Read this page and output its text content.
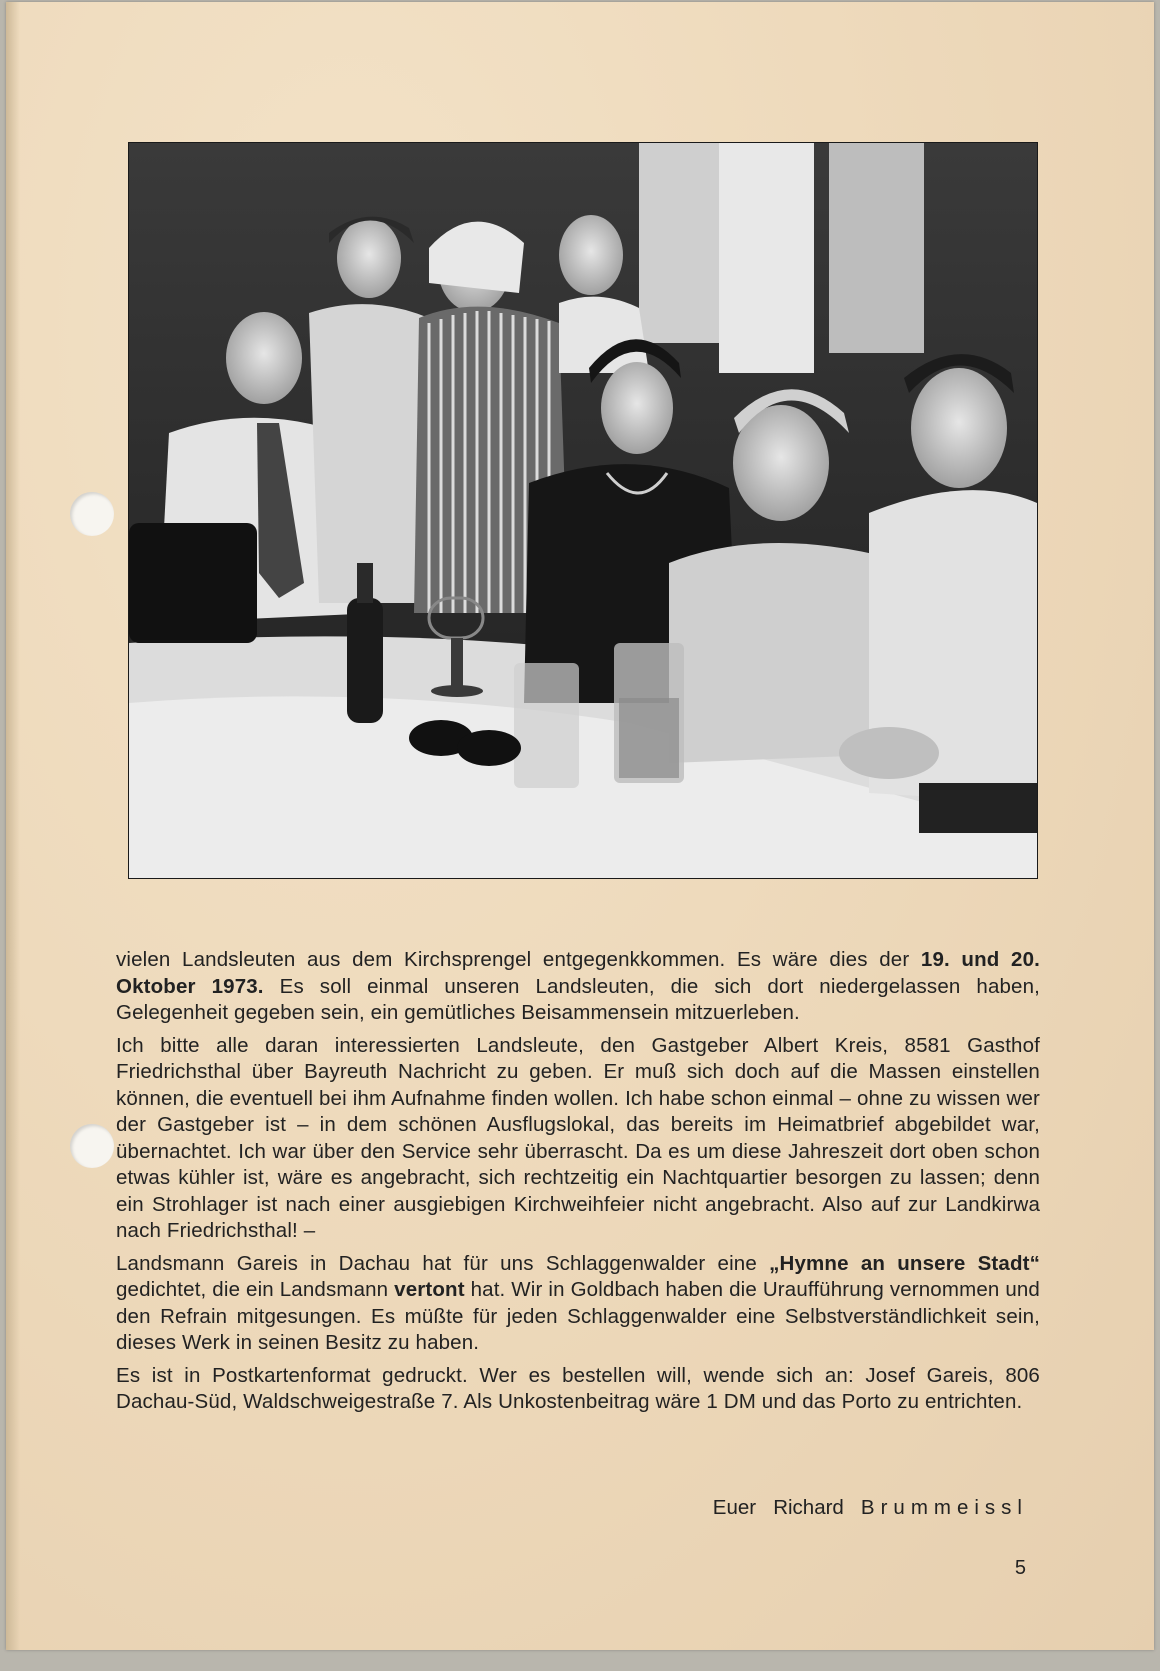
vielen Landsleuten aus dem Kirchsprengel entgegenkkommen. Es wäre dies der 19. und 20. Oktober 1973. Es soll einmal unseren Landsleuten, die sich dort niedergelassen haben, Gelegenheit gegeben sein, ein gemütliches Beisammensein mitzuerleben.

Ich bitte alle daran interessierten Landsleute, den Gastgeber Albert Kreis, 8581 Gasthof Friedrichsthal über Bayreuth Nachricht zu geben. Er muß sich doch auf die Massen einstellen können, die eventuell bei ihm Aufnahme finden wollen. Ich habe schon einmal – ohne zu wissen wer der Gastgeber ist – in dem schönen Ausflugslokal, das bereits im Heimatbrief abgebildet war, übernachtet. Ich war über den Service sehr überrascht. Da es um diese Jahreszeit dort oben schon etwas kühler ist, wäre es angebracht, sich rechtzeitig ein Nachtquartier besorgen zu lassen; denn ein Strohlager ist nach einer ausgiebigen Kirchweihfeier nicht angebracht. Also auf zur Landkirwa nach Friedrichsthal! –

Landsmann Gareis in Dachau hat für uns Schlaggenwalder eine „Hymne an unsere Stadt“ gedichtet, die ein Landsmann vertont hat. Wir in Goldbach haben die Uraufführung vernommen und den Refrain mitgesungen. Es müßte für jeden Schlaggenwalder eine Selbstverständlichkeit sein, dieses Werk in seinen Besitz zu haben.

Es ist in Postkartenformat gedruckt. Wer es bestellen will, wende sich an: Josef Gareis, 806 Dachau-Süd, Waldschweigestraße 7. Als Unkostenbeitrag wäre 1 DM und das Porto zu entrichten.

Euer Richard Brummeissl
5
